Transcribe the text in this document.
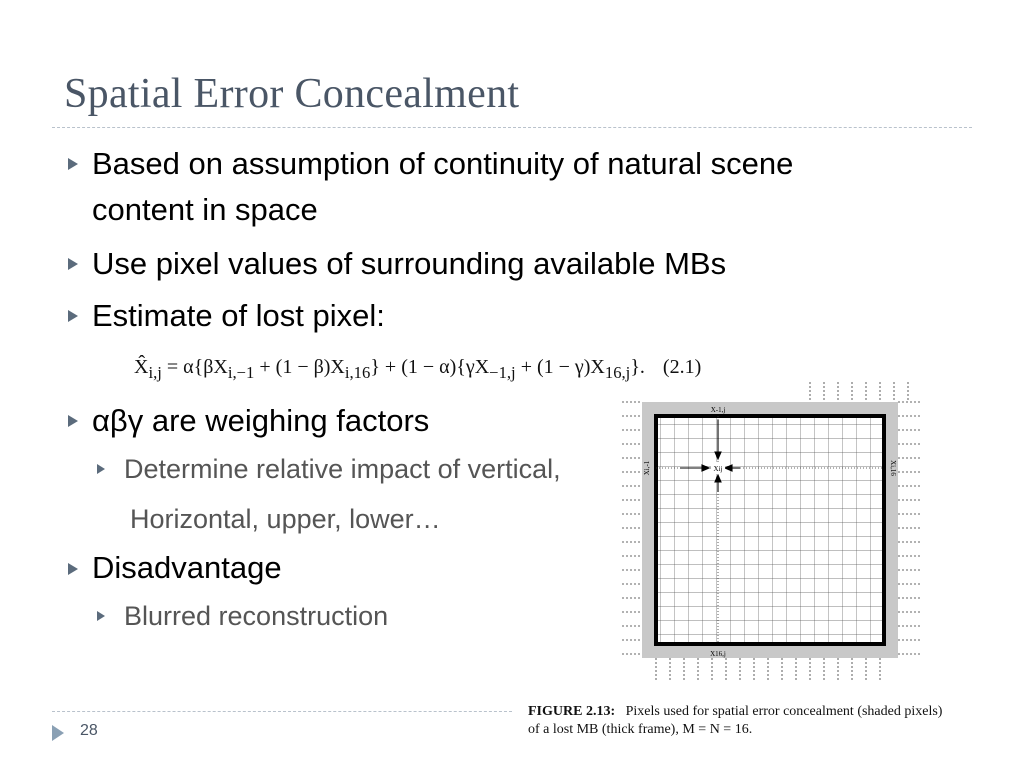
Spatial Error Concealment
Based on assumption of continuity of natural scene
content in space
Use pixel values of surrounding available MBs
Estimate of lost pixel:
$X̂_{i,j} = \alpha\{\beta X_{i,-1} + (1 - \beta)X_{i,16}\} + (1 - \alpha)\{\gamma X_{-1,j} + (1 - \gamma)X_{16,j}\}$. (2.1)
αβγ are weighing factors
Determine relative impact of vertical,
Horizontal, upper, lower…
Disadvantage
Blurred reconstruction
Xij
X-1,j
X16,j
Xi,16
Xi,-1
FIGURE 2.13: Pixels used for spatial error concealment (shaded pixels)
of a lost MB (thick frame), M = N = 16.
28
